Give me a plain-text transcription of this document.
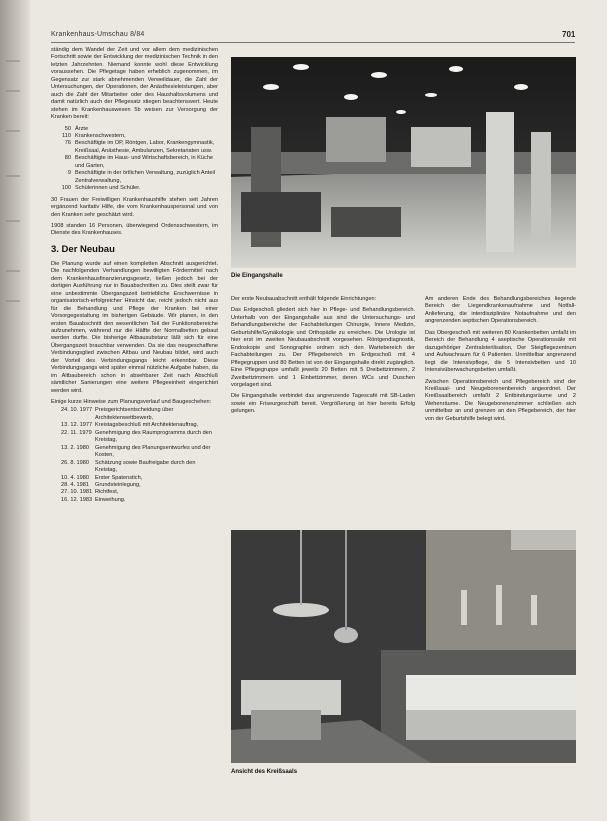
Krankenhaus-Umschau 8/84	701

ständig dem Wandel der Zeit und vor allem dem medizinischen Fortschritt sowie der Entwicklung der medizinischen Technik in den letzten Jahrzehnten. Niemand konnte wohl diese Entwicklung voraussehen. Die Pflegetage haben erheblich zugenommen, im Gegensatz zur stark abnehmenden Verweildauer, die Zahl der Untersuchungen, der Operationen, der Anästhesieleistungen, aber auch die Zahl der Mitarbeiter oder des Haushaltsvolumens und damit natürlich auch der Pflegesatz stiegen beachtenswert. Heute stehen im Krankenhauswesen 5b weisen zur Versorgung der Kranken bereit:

50 Ärzte
110 Krankenschwestern,
76 Beschäftigte im OP, Röntgen, Labor, Krankengymnastik, Kreißsaal, Anästhesie, Ambulanzen, Sekretariaten usw.
80 Beschäftigte im Haus- und Wirtschaftsbereich, in Küche und Garten,
9 Beschäftigte in der örtlichen Verwaltung, zuzüglich Anteil Zentralverwaltung,
100 Schülerinnen und Schüler.

30 Frauen der Freiwilligen Krankenhaushilfe stehen seit Jahren ergänzend karitativ Hilfe, die vom Krankenhauspersonal und von den Kranken sehr geschätzt wird.

1908 standen 16 Personen, überwiegend Ordensschwestern, im Dienste des Krankenhauses.

3. Der Neubau

Die Planung wurde auf einen kompletten Abschnitt ausgerichtet. Die nachfolgenden Verhandlungen bewilligten Fördermittel nach dem Krankenhausfinanzierungsgesetz, ließen jedoch bei der dortigen Ausführung nur in Bauabschnitten zu. Dies stellt zwar für eine unbestimmte Übergangszeit betriebliche Erschwernisse in organisatorisch-erfolgreicher Hinsicht dar, reicht jedoch nicht aus für die Behandlung und Pflege der Kranken bei einer Vorsorgegestaltung im bisherigen Gebäude. Wir planen, in den ersten Bauabschnitt den wesentlichen Teil der Funktionsbereiche aufzunehmen, während nur die Hälfte der Normalbetten gebaut werden durfte. Die bisherige Altbausubstanz läßt sich für eine Übergangszeit brauchbar verwenden. Da sie das neugeschaffene Verbindungsglied zwischen Altbau und Neubau bildet, wird auch der Vorteil des Verbindungsgangs leicht erkennbar. Diese Verbindungsgangs wird später einmal nützliche Aufgabe haben, da im Altbaubereich schon in absehbarer Zeit nach Abschluß sämtlicher Sanierungen eine weitere Pflegeeinheit eingerichtet werden wird.

Einige kurze Hinweise zum Planungsverlauf und Baugeschehen:

24. 10. 1977 Preisgerichtsentscheidung über Architektenwettbewerb,
13. 12. 1977 Kreistagsbeschluß mit Architektenauftrag,
22. 11. 1979 Genehmigung des Raumprogramms durch den Kreistag,
13. 2. 1980	Genehmigung des Planungsentwurfes und der Kosten,
26. 8. 1980	Schätzung sowie Baufreigabe durch den Kreistag,
10. 4. 1980	Erster Spatenstich,
28. 4. 1981	Grundsteinlegung,
27. 10. 1981 Richtfest,
16. 12. 1983 Einweihung.
Die Eingangshalle

Der erste Neubauabschnitt enthält folgende Einrichtungen:

Das Erdgeschoß gliedert sich hier in Pflege- und Behandlungsbereich. Unterhalb von der Eingangshalle aus sind die Untersuchungs- und Behandlungsbereiche der Fachabteilungen Chirurgie, Innere Medizin, Geburtshilfe/Gynäkologie und Orthopädie zu erreichen. Die Urologie ist hier erst im zweiten Neubauabschnitt vorgesehen. Röntgendiagnostik, Endoskopie und Sonographie ordnen sich den Wartebereich der Fachabteilungen zu. Der Pflegebereich im Erdgeschoß mit 4 Pflegegruppen und 80 Betten ist von der Eingangshalle direkt zugänglich. Eine Pflegegruppe umfaßt jeweils 20 Betten mit 5 Dreibettzimmern, 2 Zweibettzimmern und 1 Einbettzimmer, deren WCs und Duschen vorgelagert sind.

Die Eingangshalle verbindet das angrenzende Tagescafé mit SB-Laden sowie ein Friseurgeschäft bereit. Vergrößerung ist hier bereits Erfolg gelungen.

Am anderen Ende des Behandlungsbereiches liegende Bereich der Liegendkrankenaufnahme und Notfall-Anlieferung, die interdisziplinäre Notaufnahme und den angrenzenden septischen Operationsbereich.

Das Obergeschoß mit weiteren 80 Krankenbetten umfaßt im Bereich der Behandlung 4 aseptische Operationssäle mit dazugehöriger Zentralsterilisation, Der Steigflegezentrum und Aufwachraum für 6 Patienten. Unmittelbar angrenzend liegt die Intensivpflege, die 5 Intensivbetten und 10 Intensivüberwachungsbetten umfaßt.

Zwischen Operationsbereich und Pflegebereich sind der Kreißsaal- und Neugeborenenbereich angeordnet. Der Kreißsaalbereich umfaßt 2 Entbindungsräume und 2 Wehenräume. Die Neugeborenenzimmer schließen sich unmittelbar an und grenzen an den Pflegebereich, der hier von der Geburtshilfe belegt wird.

Ansicht des Kreißsaals
